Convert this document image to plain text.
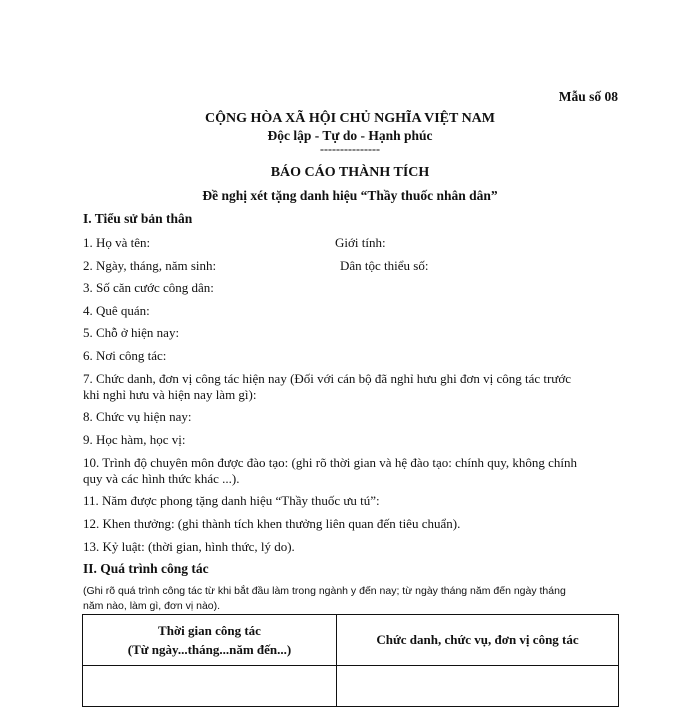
Mẫu số 08
CỘNG HÒA XÃ HỘI CHỦ NGHĨA VIỆT NAM
Độc lập - Tự do - Hạnh phúc
---------------
BÁO CÁO THÀNH TÍCH
Đề nghị xét tặng danh hiệu “Thầy thuốc nhân dân”
I. Tiểu sử bản thân
1. Họ và tên:	Giới tính:
2. Ngày, tháng, năm sinh:	Dân tộc thiểu số:
3. Số căn cước công dân:
4. Quê quán:
5. Chỗ ở hiện nay:
6. Nơi công tác:
7. Chức danh, đơn vị công tác hiện nay (Đối với cán bộ đã nghỉ hưu ghi đơn vị công tác trước
khi nghỉ hưu và hiện nay làm gì):
8. Chức vụ hiện nay:
9. Học hàm, học vị:
10. Trình độ chuyên môn được đào tạo: (ghi rõ thời gian và hệ đào tạo: chính quy, không chính
quy và các hình thức khác ...).
11. Năm được phong tặng danh hiệu “Thầy thuốc ưu tú”:
12. Khen thưởng: (ghi thành tích khen thưởng liên quan đến tiêu chuẩn).
13. Kỷ luật: (thời gian, hình thức, lý do).
II. Quá trình công tác
(Ghi rõ quá trình công tác từ khi bắt đầu làm trong ngành y đến nay; từ ngày tháng năm đến ngày tháng
năm nào, làm gì, đơn vị nào).
Thời gian công tác
(Từ ngày...tháng...năm đến...)	Chức danh, chức vụ, đơn vị công tác
